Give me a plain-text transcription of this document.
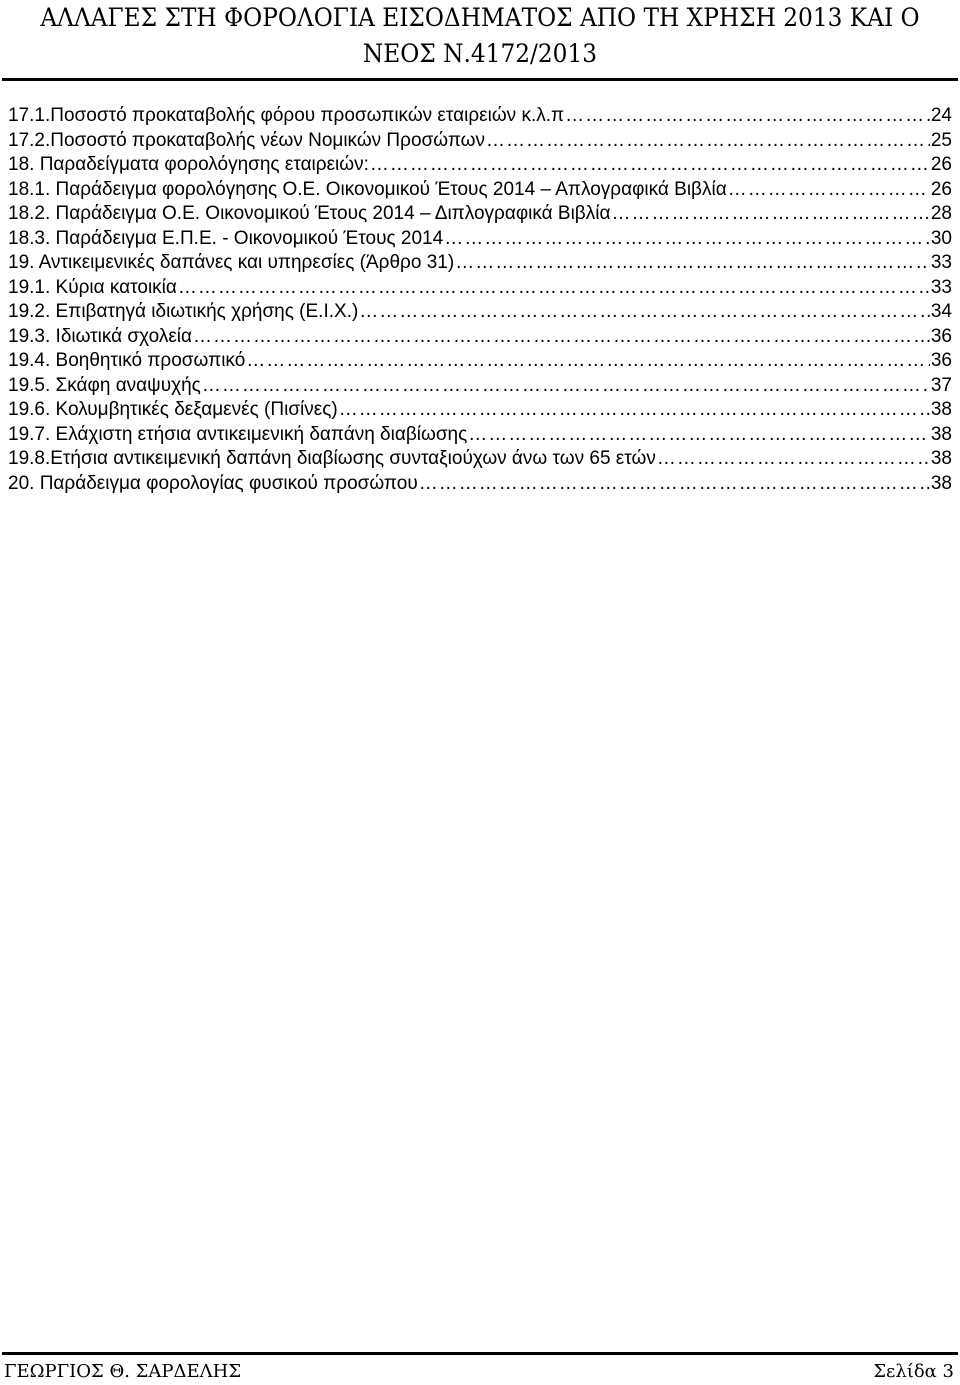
ΑΛΛΑΓΕΣ ΣΤΗ ΦΟΡΟΛΟΓΙΑ ΕΙΣΟΔΗΜΑΤΟΣ ΑΠΟ ΤΗ ΧΡΗΣΗ 2013 ΚΑΙ Ο
ΝΕΟΣ Ν.4172/2013
17.1.Ποσοστό προκαταβολής φόρου προσωπικών εταιρειών κ.λ.π ……………………………………………………………………………………………………………………………………………………………………………………………………	24
17.2.Ποσοστό προκαταβολής νέων Νομικών Προσώπων ……………………………………………………………………………………………………………………………………………………………………………………………………	25
18. Παραδείγματα φορολόγησης εταιρειών: ……………………………………………………………………………………………………………………………………………………………………………………………………	26
18.1. Παράδειγμα φορολόγησης Ο.Ε. Οικονομικού Έτους 2014 – Απλογραφικά Βιβλία ……………………………………………………………………………………………………………………………………………………………………………………………………	26
18.2. Παράδειγμα Ο.Ε. Οικονομικού Έτους 2014 – Διπλογραφικά Βιβλία ……………………………………………………………………………………………………………………………………………………………………………………………………	28
18.3. Παράδειγμα Ε.Π.Ε. - Οικονομικού Έτους 2014 ……………………………………………………………………………………………………………………………………………………………………………………………………	30
19. Αντικειμενικές δαπάνες και υπηρεσίες (Άρθρο 31) ……………………………………………………………………………………………………………………………………………………………………………………………………	33
19.1. Κύρια κατοικία ……………………………………………………………………………………………………………………………………………………………………………………………………	33
19.2. Επιβατηγά ιδιωτικής χρήσης (Ε.Ι.Χ.) ……………………………………………………………………………………………………………………………………………………………………………………………………	34
19.3. Ιδιωτικά σχολεία ……………………………………………………………………………………………………………………………………………………………………………………………………	36
19.4. Βοηθητικό προσωπικό ……………………………………………………………………………………………………………………………………………………………………………………………………	36
19.5. Σκάφη αναψυχής ……………………………………………………………………………………………………………………………………………………………………………………………………	37
19.6. Κολυμβητικές δεξαμενές (Πισίνες) ……………………………………………………………………………………………………………………………………………………………………………………………………	38
19.7. Ελάχιστη ετήσια αντικειμενική δαπάνη διαβίωσης ……………………………………………………………………………………………………………………………………………………………………………………………………	38
19.8.Ετήσια αντικειμενική δαπάνη διαβίωσης συνταξιούχων άνω των 65 ετών ……………………………………………………………………………………………………………………………………………………………………………………………………	38
20. Παράδειγμα φορολογίας φυσικού προσώπου ……………………………………………………………………………………………………………………………………………………………………………………………………	38
ΓΕΩΡΓΙΟΣ Θ. ΣΑΡΔΕΛΗΣ	Σελίδα 3
